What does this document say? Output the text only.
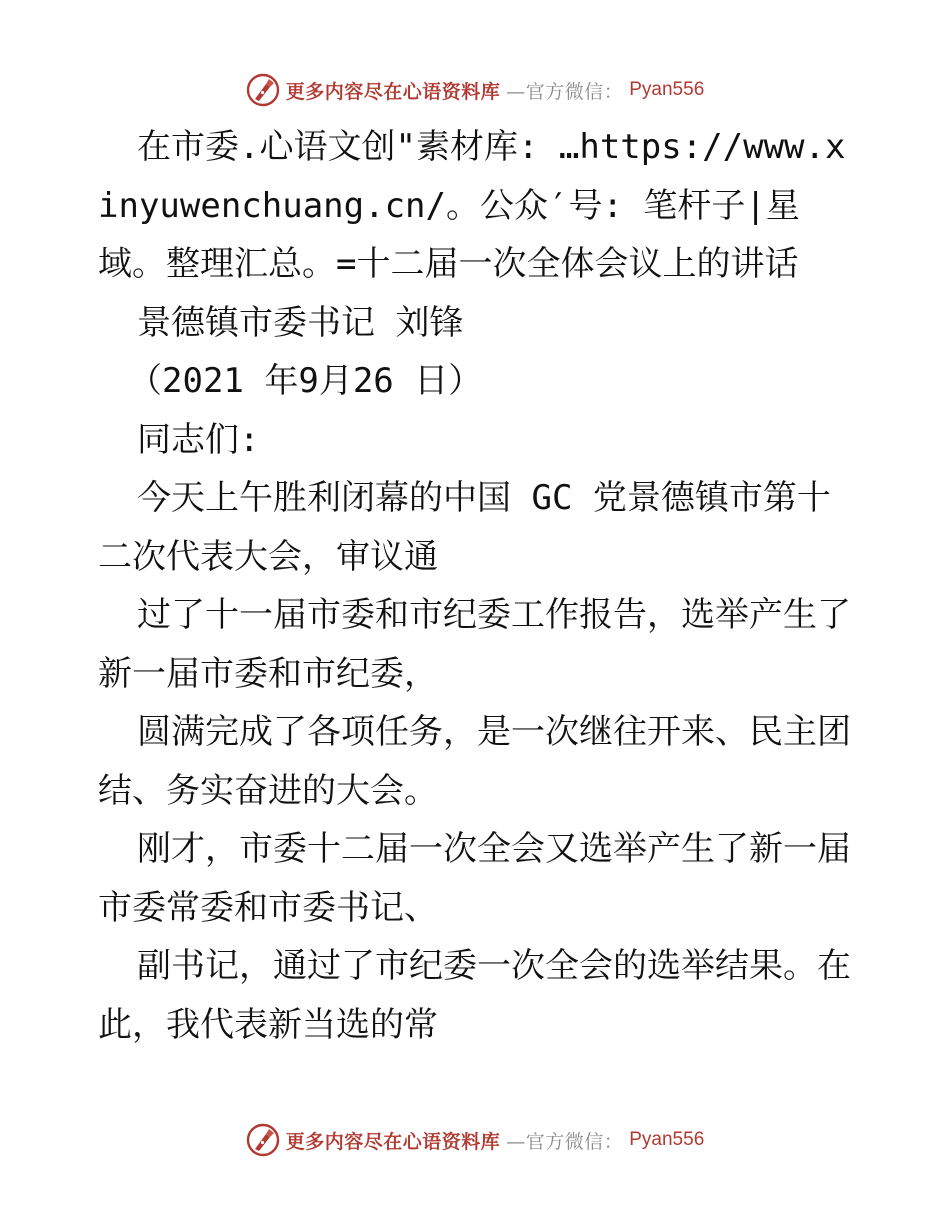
更多内容尽在心语资料库 —官方微信： Pyan556

在市委.心语文创"素材库: …https://www.xinyuwenchuang.cn/。公众′号: 笔杆子|星域。整理汇总。=十二届一次全体会议上的讲话

景德镇市委书记 刘锋

（2021 年9月26 日）

同志们:

今天上午胜利闭幕的中国 GC 党景德镇市第十二次代表大会，审议通

过了十一届市委和市纪委工作报告，选举产生了新一届市委和市纪委，

圆满完成了各项任务，是一次继往开来、民主团结、务实奋进的大会。

刚才，市委十二届一次全会又选举产生了新一届市委常委和市委书记、

副书记，通过了市纪委一次全会的选举结果。在此，我代表新当选的常

更多内容尽在心语资料库 —官方微信： Pyan556
